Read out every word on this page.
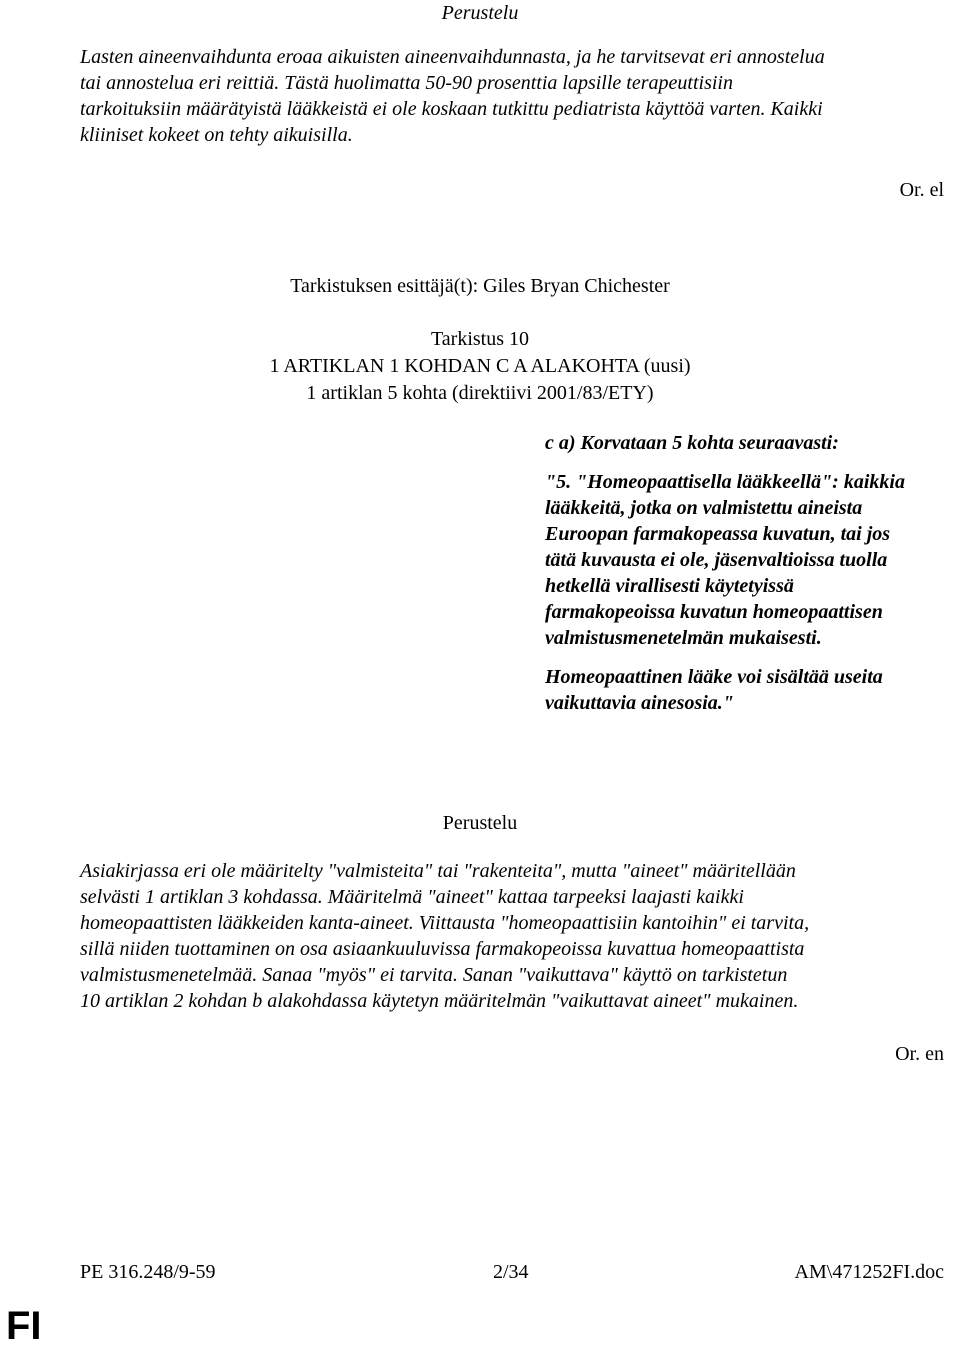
Perustelu
Lasten aineenvaihdunta eroaa aikuisten aineenvaihdunnasta, ja he tarvitsevat eri annostelua
tai annostelua eri reittiä. Tästä huolimatta 50-90 prosenttia lapsille terapeuttisiin
tarkoituksiin määrätyistä lääkkeistä ei ole koskaan tutkittu pediatrista käyttöä varten. Kaikki
kliiniset kokeet on tehty aikuisilla.
Or. el
Tarkistuksen esittäjä(t): Giles Bryan Chichester
Tarkistus 10
1 ARTIKLAN 1 KOHDAN C A ALAKOHTA (uusi)
1 artiklan 5 kohta (direktiivi 2001/83/ETY)
c a) Korvataan 5 kohta seuraavasti:
"5. "Homeopaattisella lääkkeellä": kaikkia
lääkkeitä, jotka on valmistettu aineista
Euroopan farmakopeassa kuvatun, tai jos
tätä kuvausta ei ole, jäsenvaltioissa tuolla
hetkellä virallisesti käytetyissä
farmakopeoissa kuvatun homeopaattisen
valmistusmenetelmän mukaisesti.
Homeopaattinen lääke voi sisältää useita
vaikuttavia ainesosia."
Perustelu
Asiakirjassa eri ole määritelty "valmisteita" tai "rakenteita", mutta "aineet" määritellään
selvästi 1 artiklan 3 kohdassa. Määritelmä "aineet" kattaa tarpeeksi laajasti kaikki
homeopaattisten lääkkeiden kanta-aineet. Viittausta "homeopaattisiin kantoihin" ei tarvita,
sillä niiden tuottaminen on osa asiaankuuluvissa farmakopeoissa kuvattua homeopaattista
valmistusmenetelmää. Sanaa "myös" ei tarvita. Sanan "vaikuttava" käyttö on tarkistetun
10 artiklan 2 kohdan b alakohdassa käytetyn määritelmän "vaikuttavat aineet" mukainen.
Or. en
PE 316.248/9-59	2/34	AM\471252FI.doc
FI
